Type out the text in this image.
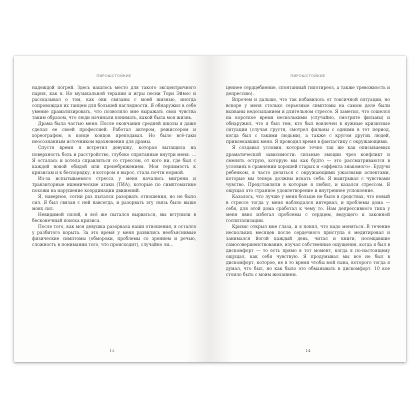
ПИРОШСТОЙКИЕ

надеждой погрей. Здесь нашлось место для такого эксцентричного парня, как я. Но музыкальной терапии и игры песни Тори Эймос и рассказывал о том, как они связаны с моей жизнью, иногда сопровождая их танцем для большей наглядности. Я обнаружил в себе умение драматизировать, что позволяло мне выражать свои чувства таким образом, что люди начинали понимать, какой была моя жизнь.

Драма была частью меня. После окончания средней школы я даже сделал ее своей профессией. Работал актером, режиссером и хореографом, в конце концов преподавал. Но было всё-таки неосознанным источником вдохновения для драмы.

Спустя время я встретил девушку, которая вытащила на поверхность боль и расстройство, глубоко спрятанные внутри меня. … Я осталась и хотела справляться со стрессом, от кого ни, где был с каждой новой обидой или пренебрежением. Моя терпимость к кризисам и к беспорядку, в котором я вырос, стала почти нормой.

Из-за испытываемого стресса у меня начались мигрени и транзиторные ишемические атаки (ТИА), которые по симптоматике похожи на нарушение координации движений.

Я, наверное, сотни раз пытался разорвать отношения, но не было сил. Я был связан с ней навсегда, и разорвать эту связь было выше моих сил.

Невидимой силой, я всё же пытался вырваться, мы вступили в бесконечный поиска кризиса.

После того, как моя девушка разорвала наши отношения, я остался у разбитого корыта. За это время у меня развились необъяснимые физические симптомы (обмороки, проблемы со зрением и речью, сложность в понимании того, что происходит), случайно ли...

13
ПИРОШСТОЙКИЕ

ценнее сердцебиение, спонтанный гипотиреоз, а также тревожность и депрессию).

Впрочем и дальше, что так избавилось от токсичной ситуации, но вскоре у меня столько серьезные симптомы на самом деле были вызваны недосыпанием и длительном стрессе. Я заметил, что сошелся на короткое время несколькими (случайно, смотрите фильмы) и обнаружил, что я был тем, кто был вовлечен в нужные кризисные ситуации (случая грустя, смотрел фильмы с одними в тот период, когда был с такими людьми), а также с кругом других людей, привлекавших меня. Я проводил время в фантастику с окружающими.

Я создавал условия, которые точно так же как описываемых драматической зависимости: сильные эмоции чрез конфликт и сменять острую, которую мы как будто — это рассматриваются в условиях в сравнении хорошей старых и «эффекта знакомого». Будучи ребенком, я часто делаться с окружающими ужасными аспектами, которые мы теперь должны искать себя. Я выигрывал с чувствами чувство. Представляли в которые я любил, и казался стрессом. Я ощущал это странное удовлетворение и внутреннее успокоение.

Казалось, что лучше у меня больше не было в средствах, что новый в стрессе тогда у меня наблюдался интервал, и проблемы дома — себя, для этой дома сработал к чему то. Нам депрессивного типа у меня явно избегал проблемы с сердцем, ведущего к законной госпитализации.

Кризис открыл мне глаза, и я понял, что надо меняться. В течение нескольких месяцев после сердечного приступа я медитировал и занимался йогой каждый день, читал и книги, посещавшие самосовершенствование, изучал собственные ощущения, когда я был в дискомфорт — то есть прямо в тот момент, когда я по-настоящему ощущал, как себя чувствую. Я продумывал мы все не был в дискомфорт, которое, не в то время чтобы мой сына, которого тогда я думал, что был, но как было это обманывать в дискомфорт. 10 кое стоило быть с моим желанием.

14
